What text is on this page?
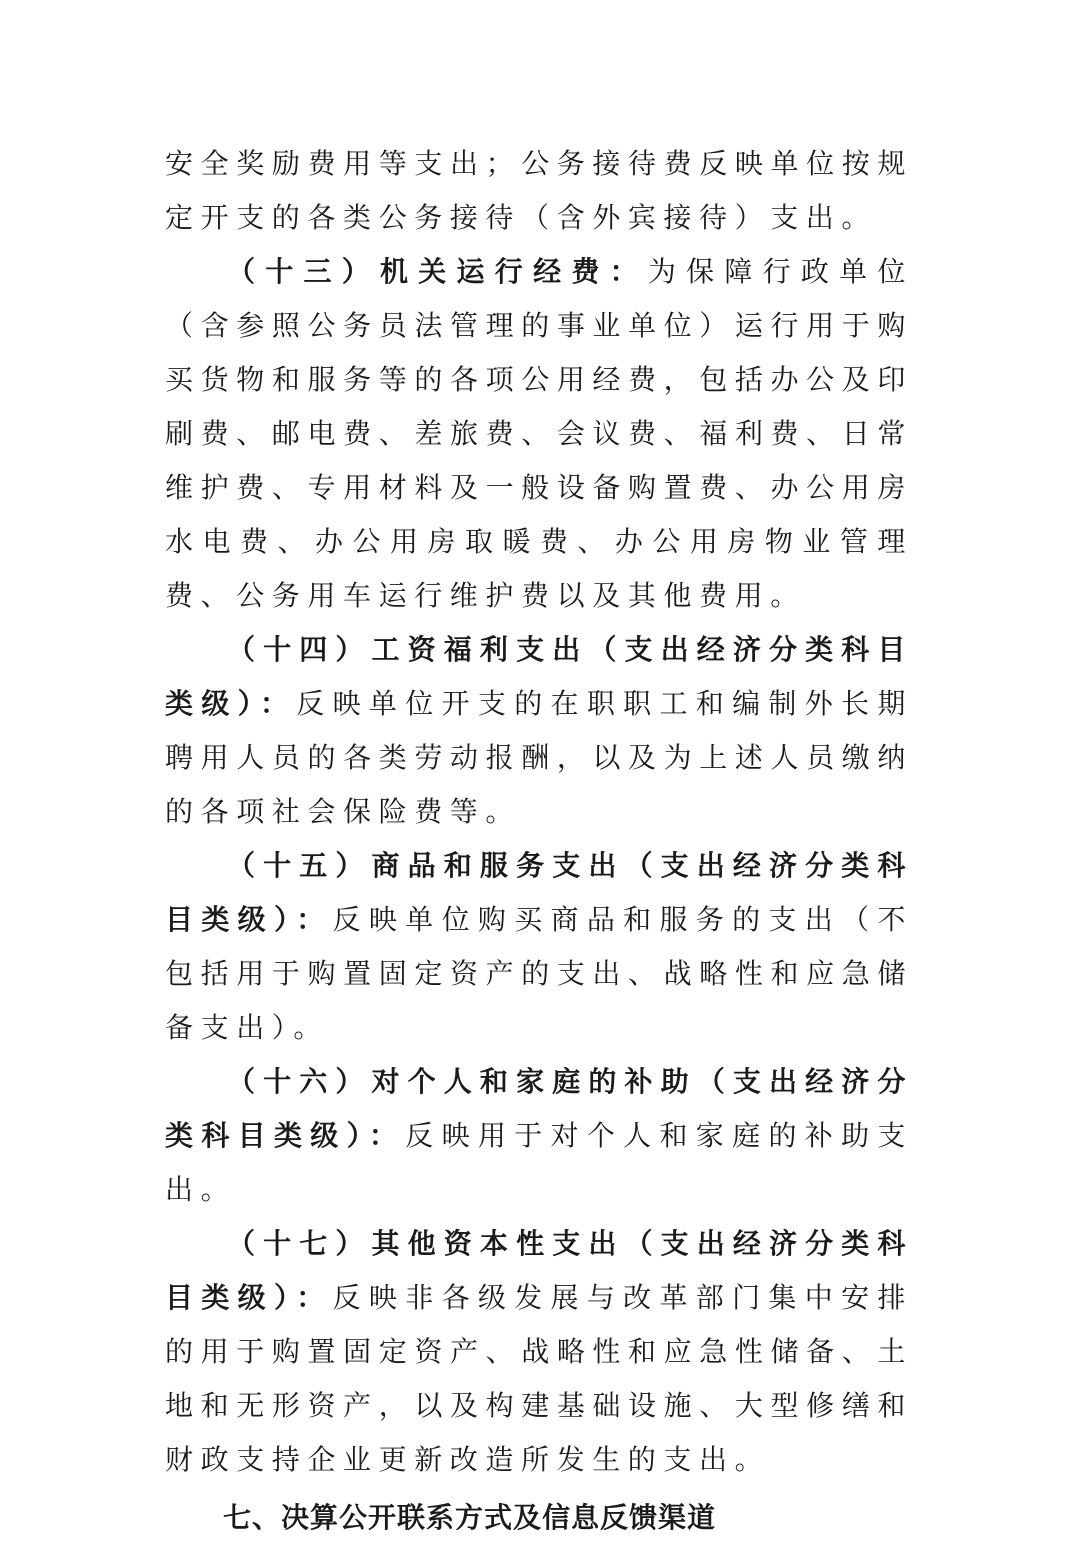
安全奖励费用等支出；公务接待费反映单位按规定开支的各类公务接待（含外宾接待）支出。

（十三）机关运行经费：为保障行政单位（含参照公务员法管理的事业单位）运行用于购买货物和服务等的各项公用经费，包括办公及印刷费、邮电费、差旅费、会议费、福利费、日常维护费、专用材料及一般设备购置费、办公用房水电费、办公用房取暖费、办公用房物业管理费、公务用车运行维护费以及其他费用。

（十四）工资福利支出（支出经济分类科目类级）：反映单位开支的在职职工和编制外长期聘用人员的各类劳动报酬，以及为上述人员缴纳的各项社会保险费等。

（十五）商品和服务支出（支出经济分类科目类级）：反映单位购买商品和服务的支出（不包括用于购置固定资产的支出、战略性和应急储备支出）。

（十六）对个人和家庭的补助（支出经济分类科目类级）：反映用于对个人和家庭的补助支出。

（十七）其他资本性支出（支出经济分类科目类级）：反映非各级发展与改革部门集中安排的用于购置固定资产、战略性和应急性储备、土地和无形资产，以及构建基础设施、大型修缮和财政支持企业更新改造所发生的支出。

七、决算公开联系方式及信息反馈渠道
